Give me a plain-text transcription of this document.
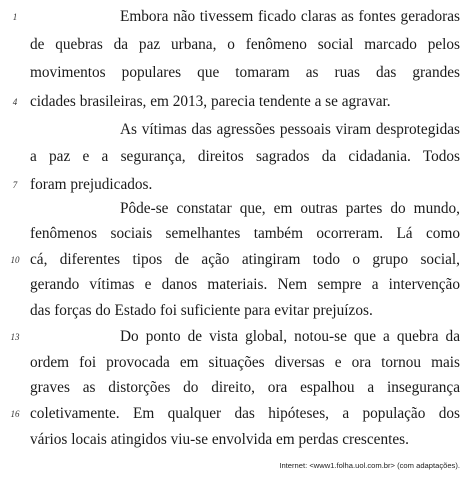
1
4
7
10
13
16
Embora não tivessem ficado claras as fontes geradoras
de quebras da paz urbana, o fenômeno social marcado pelos
movimentos populares que tomaram as ruas das grandes
cidades brasileiras, em 2013, parecia tendente a se agravar.
As vítimas das agressões pessoais viram desprotegidas
a paz e a segurança, direitos sagrados da cidadania. Todos
foram prejudicados.
Pôde-se constatar que, em outras partes do mundo,
fenômenos sociais semelhantes também ocorreram. Lá como
cá, diferentes tipos de ação atingiram todo o grupo social,
gerando vítimas e danos materiais. Nem sempre a intervenção
das forças do Estado foi suficiente para evitar prejuízos.
Do ponto de vista global, notou-se que a quebra da
ordem foi provocada em situações diversas e ora tornou mais
graves as distorções do direito, ora espalhou a insegurança
coletivamente. Em qualquer das hipóteses, a população dos
vários locais atingidos viu-se envolvida em perdas crescentes.
Internet: <www1.folha.uol.com.br> (com adaptações).
